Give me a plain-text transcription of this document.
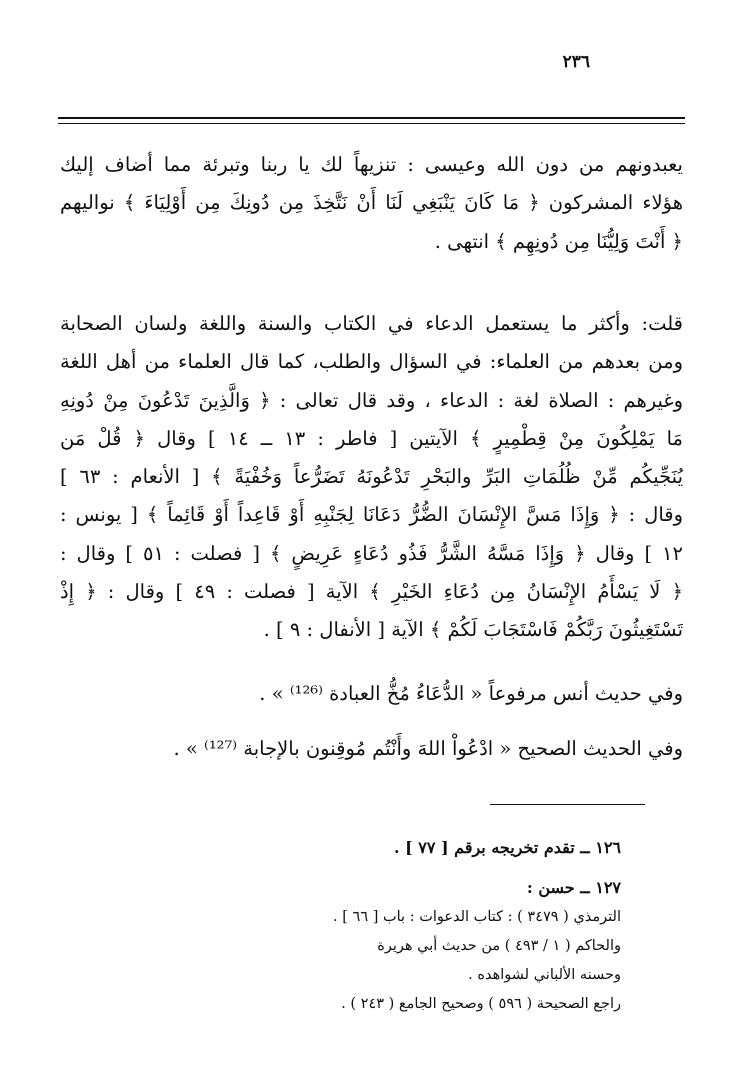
٢٣٦
يعبدونهم من دون الله وعيسى : تنزيهاً لك يا ربنا وتبرئة مما أضاف إليك
هؤلاء المشركون ﴿ مَا كَانَ يَنْبَغِي لَنَا أَنْ نَتَّخِذَ مِن دُونِكَ مِن أَوْلِيَاءَ ﴾ نواليهم
﴿ أَنْتَ وَلِيُّنَا مِن دُونِهِم ﴾ انتهى .
قلت: وأكثر ما يستعمل الدعاء في الكتاب والسنة واللغة ولسان الصحابة
ومن بعدهم من العلماء: في السؤال والطلب، كما قال العلماء من أهل اللغة
وغيرهم : الصلاة لغة : الدعاء ، وقد قال تعالى : ﴿ وَالَّذِينَ تَدْعُونَ مِنْ دُونِهِ
مَا يَمْلِكُونَ مِنْ قِطْمِيرٍ ﴾ الآيتين [ فاطر : ١٣ ــ ١٤ ] وقال ﴿ قُلْ مَن
يُنَجِّيكُم مِّنْ ظُلُمَاتِ البَرِّ والبَحْرِ تَدْعُونَهُ تَضَرُّعاً وَخُفْيَةً ﴾ [ الأنعام : ٦٣ ]
وقال : ﴿ وَإِذَا مَسَّ الإِنْسَانَ الضُّرُّ دَعَانَا لِجَنْبِهِ أَوْ قَاعِداً أَوْ قَائِماً ﴾ [ يونس :
١٢ ] وقال ﴿ وَإِذَا مَسَّهُ الشَّرُّ فَذُو دُعَاءٍ عَرِيضٍ ﴾ [ فصلت : ٥١ ] وقال :
﴿ لَا يَسْأَمُ الإِنْسَانُ مِن دُعَاءِ الخَيْرِ ﴾ الآية [ فصلت : ٤٩ ] وقال : ﴿ إِذْ
تَسْتَغِيثُونَ رَبَّكُمْ فَاسْتَجَابَ لَكُمْ ﴾ الآية [ الأنفال : ٩ ] .
وفي حديث أنس مرفوعاً « الدُّعَاءُ مُخُّ العبادة ⁽¹²⁶⁾ » .
وفي الحديث الصحيح « ادْعُواْ اللهَ وأَنْتُم مُوقِنون بالإجابة ⁽¹²⁷⁾ » .
١٢٦ ــ تقدم تخريجه برقم [ ٧٧ ] .
١٢٧ ــ حسن :
الترمذي ( ٣٤٧٩ ) : كتاب الدعوات : باب [ ٦٦ ] .
والحاكم ( ١ / ٤٩٣ ) من حديث أبي هريرة
وحسنه الألباني لشواهده .
راجع الصحيحة ( ٥٩٦ ) وصحيح الجامع ( ٢٤٣ ) .
